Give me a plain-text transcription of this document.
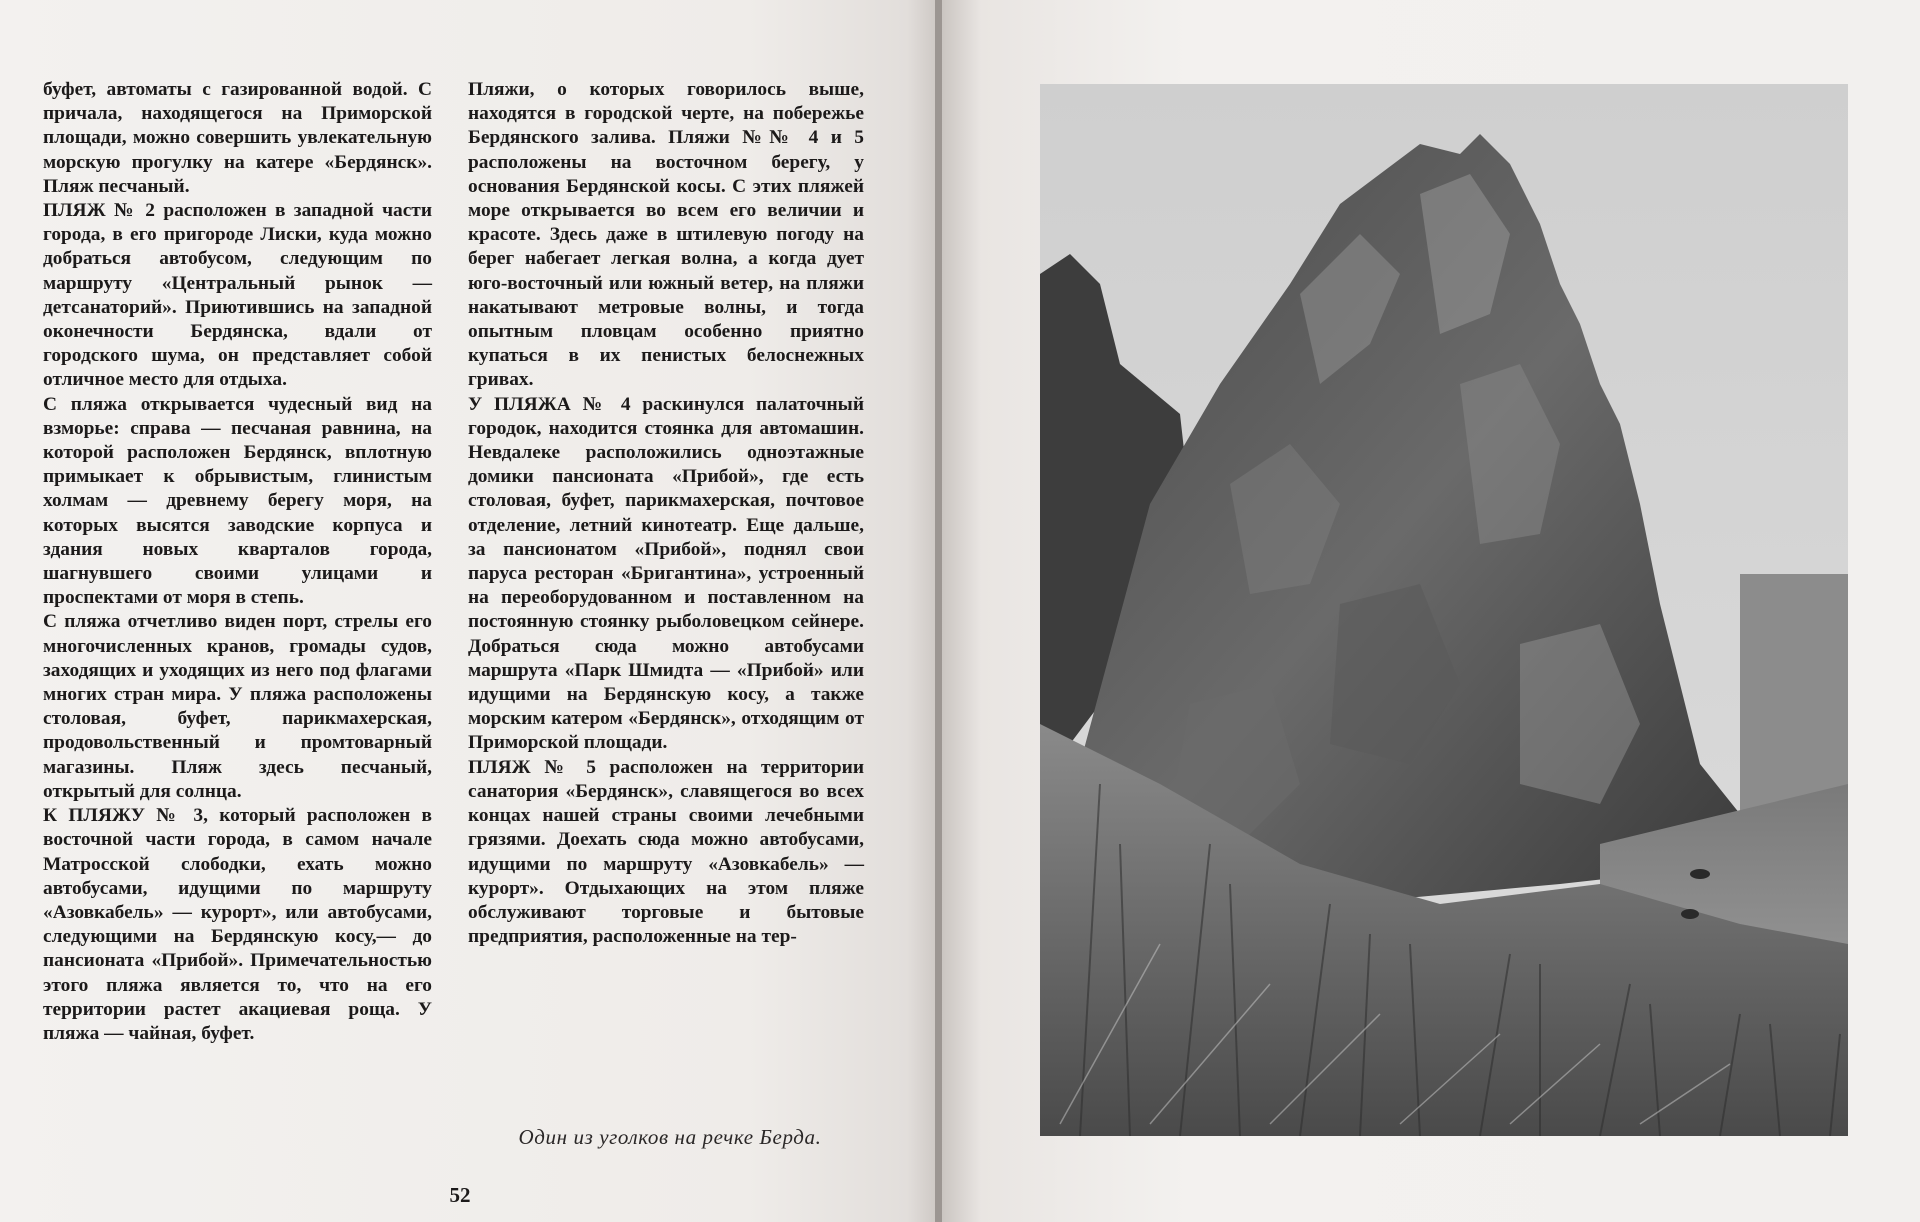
буфет, автоматы с газированной водой. С причала, находящегося на Приморской площади, можно совершить увлекательную морскую прогулку на катере «Бердянск». Пляж песчаный.

ПЛЯЖ № 2 расположен в западной части города, в его пригороде Лиски, куда можно добраться автобусом, следующим по маршруту «Центральный рынок — детсанаторий». Приютившись на западной оконечности Бердянска, вдали от городского шума, он представляет собой отличное место для отдыха.

С пляжа открывается чудесный вид на взморье: справа — песчаная равнина, на которой расположен Бердянск, вплотную примыкает к обрывистым, глинистым холмам — древнему берегу моря, на которых высятся заводские корпуса и здания новых кварталов города, шагнувшего своими улицами и проспектами от моря в степь.

С пляжа отчетливо виден порт, стрелы его многочисленных кранов, громады судов, заходящих и уходящих из него под флагами многих стран мира. У пляжа расположены столовая, буфет, парикмахерская, продовольственный и промтоварный магазины. Пляж здесь песчаный, открытый для солнца.

К ПЛЯЖУ № 3, который расположен в восточной части города, в самом начале Матросской слободки, ехать можно автобусами, идущими по маршруту «Азовкабель» — курорт», или автобусами, следующими на Бердянскую косу,— до пансионата «Прибой». Примечательностью этого пляжа является то, что на его территории растет акациевая роща. У пляжа — чайная, буфет.

Пляжи, о которых говорилось выше, находятся в городской черте, на побережье Бердянского залива. Пляжи №№ 4 и 5 расположены на восточном берегу, у основания Бердянской косы. С этих пляжей море открывается во всем его величии и красоте. Здесь даже в штилевую погоду на берег набегает легкая волна, а когда дует юго-восточный или южный ветер, на пляжи накатывают метровые волны, и тогда опытным пловцам особенно приятно купаться в их пенистых белоснежных гривах.

У ПЛЯЖА № 4 раскинулся палаточный городок, находится стоянка для автомашин. Невдалеке расположились одноэтажные домики пансионата «Прибой», где есть столовая, буфет, парикмахерская, почтовое отделение, летний кинотеатр. Еще дальше, за пансионатом «Прибой», поднял свои паруса ресторан «Бригантина», устроенный на переоборудованном и поставленном на постоянную стоянку рыболовецком сейнере. Добраться сюда можно автобусами маршрута «Парк Шмидта — «Прибой» или идущими на Бердянскую косу, а также морским катером «Бердянск», отходящим от Приморской площади.

ПЛЯЖ № 5 расположен на территории санатория «Бердянск», славящегося во всех концах нашей страны своими лечебными грязями. Доехать сюда можно автобусами, идущими по маршруту «Азовкабель» — курорт». Отдыхающих на этом пляже обслуживают торговые и бытовые предприятия, расположенные на тер-

Один из уголков на речке Берда.
52
